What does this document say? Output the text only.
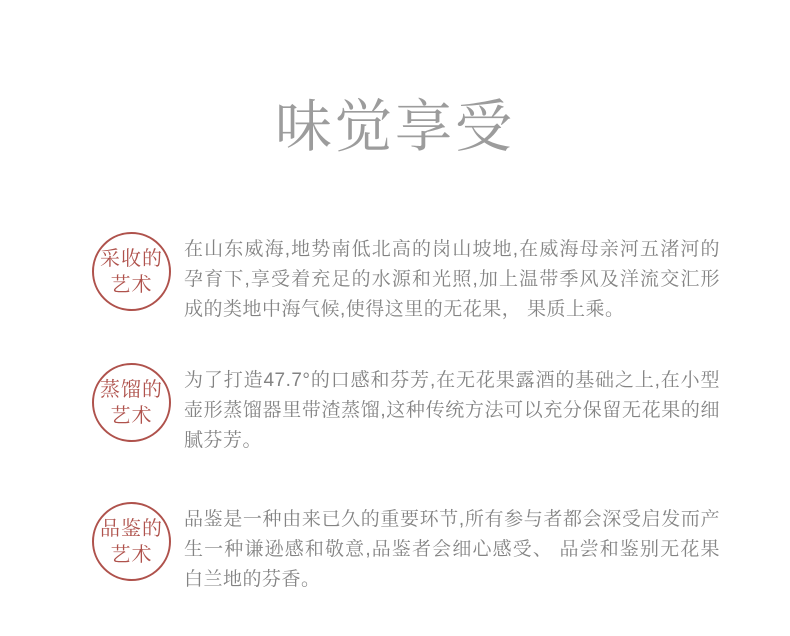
味觉享受
采收的
艺术

在山东威海,地势南低北高的岗山坡地,在威海母亲河五渚河的孕育下,享受着充足的水源和光照,加上温带季风及洋流交汇形成的类地中海气候,使得这里的无花果， 果质上乘。

蒸馏的
艺术

为了打造47.7°的口感和芬芳,在无花果露酒的基础之上,在小型壶形蒸馏器里带渣蒸馏,这种传统方法可以充分保留无花果的细腻芬芳。

品鉴的
艺术

品鉴是一种由来已久的重要环节,所有参与者都会深受启发而产生一种谦逊感和敬意,品鉴者会细心感受、 品尝和鉴别无花果白兰地的芬香。
